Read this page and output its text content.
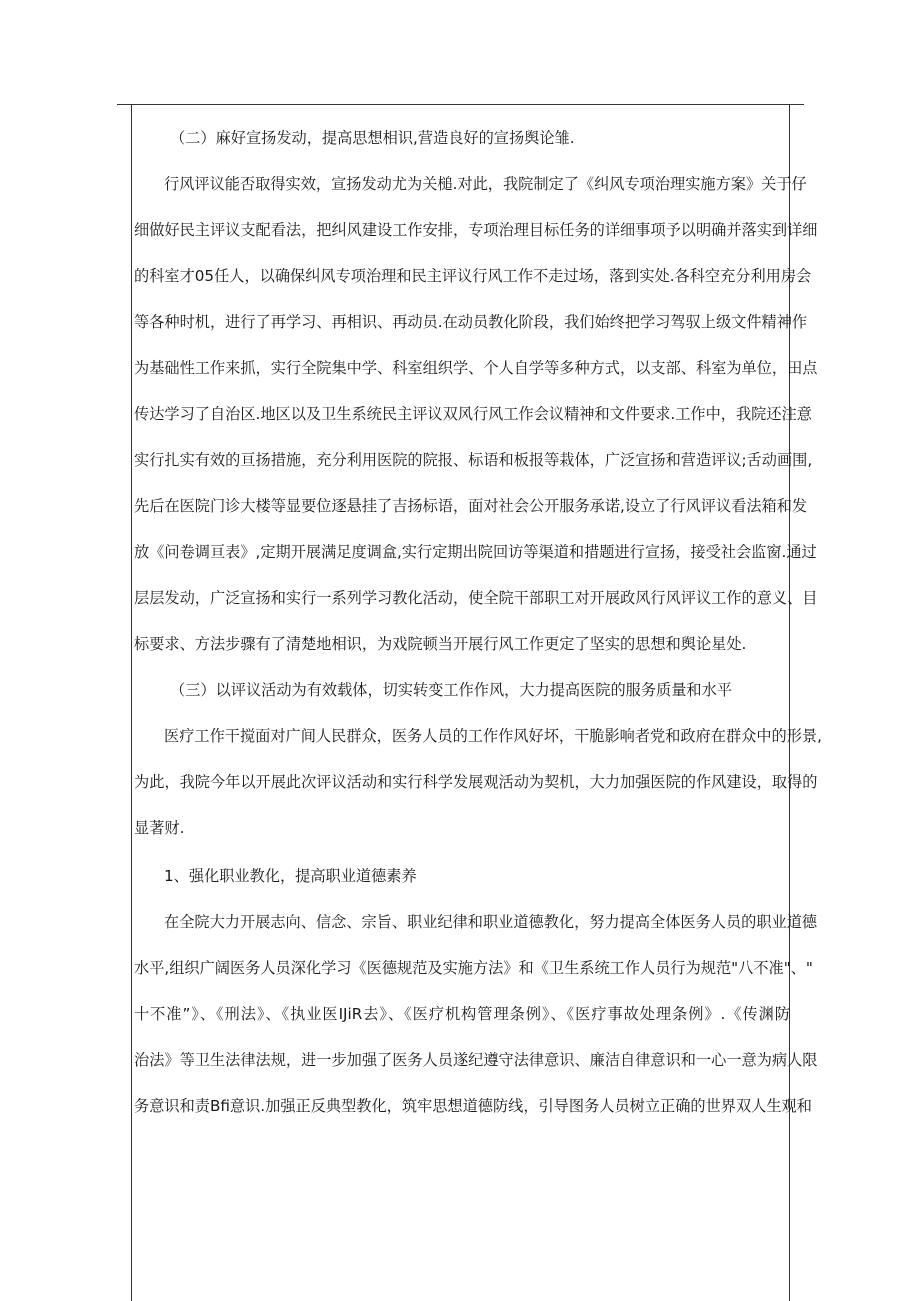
（二）麻好宣扬发动，提高思想相识,营造良好的宣扬舆论雏.
行风评议能否取得实效，宣扬发动尤为关槌.对此，我院制定了《纠风专项治理实施方案》关于仔
细做好民主评议支配看法，把纠风建设工作安排，专项治理目标任务的详细事项予以明确并落实到详细
的科室才05任人，以确保纠风专项治理和民主评议行风工作不走过场，落到实处.各科空充分利用房会
等各种时机，进行了再学习、再相识、再动员.在动员教化阶段，我们始终把学习驾驭上级文件精神作
为基础性工作来抓，实行全院集中学、科室组织学、个人自学等多种方式，以支部、科室为单位，田点
传达学习了自治区.地区以及卫生系统民主评议双风行风工作会议精神和文件要求.工作中，我院还注意
实行扎实有效的亘扬措施，充分利用医院的院报、标语和板报等栽体，广泛宣扬和营造评议;舌动画围,
先后在医院门诊大楼等显要位逐悬挂了吉扬标语，面对社会公开服务承诺,设立了行风评议看法箱和发
放《问卷调亘表》,定期开展满足度调盒,实行定期出院回访等渠道和措题进行宣扬，接受社会监窗.通过
层层发动，广泛宣扬和实行一系列学习教化活动，使全院干部职工对开展政风行风评议工作的意义、目
标要求、方法步骤有了清楚地相识，为戏院顿当开展行风工作更定了坚实的思想和舆论星处.
（三）以评议活动为有效载体，切实转变工作作风，大力提高医院的服务质量和水平
医疗工作干搅面对广间人民群众，医务人员的工作作风好坏，干脆影响者党和政府在群众中的形景,
为此，我院今年以开展此次评议活动和实行科学发展观活动为契机，大力加强医院的作风建设，取得的
显著财.
1、强化职业教化，提高职业道德素养
在全院大力开展志向、信念、宗旨、职业纪律和职业道德教化，努力提高全体医务人员的职业道德
水平,组织广阔医务人员深化学习《医德规范及实施方法》和《卫生系统工作人员行为规范"八不准"、"
十不准”》、《刑法》、《执业医IJiR去》、《医疗机构管理条例》、《医疗事故处理条例》.《传渊防
治法》等卫生法律法规，进一步加强了医务人员遂纪遵守法律意识、廉洁自律意识和一心一意为病人限
务意识和责Bfi意识.加强正反典型教化，筑牢思想道德防线，引导图务人员树立正确的世界双人生观和
